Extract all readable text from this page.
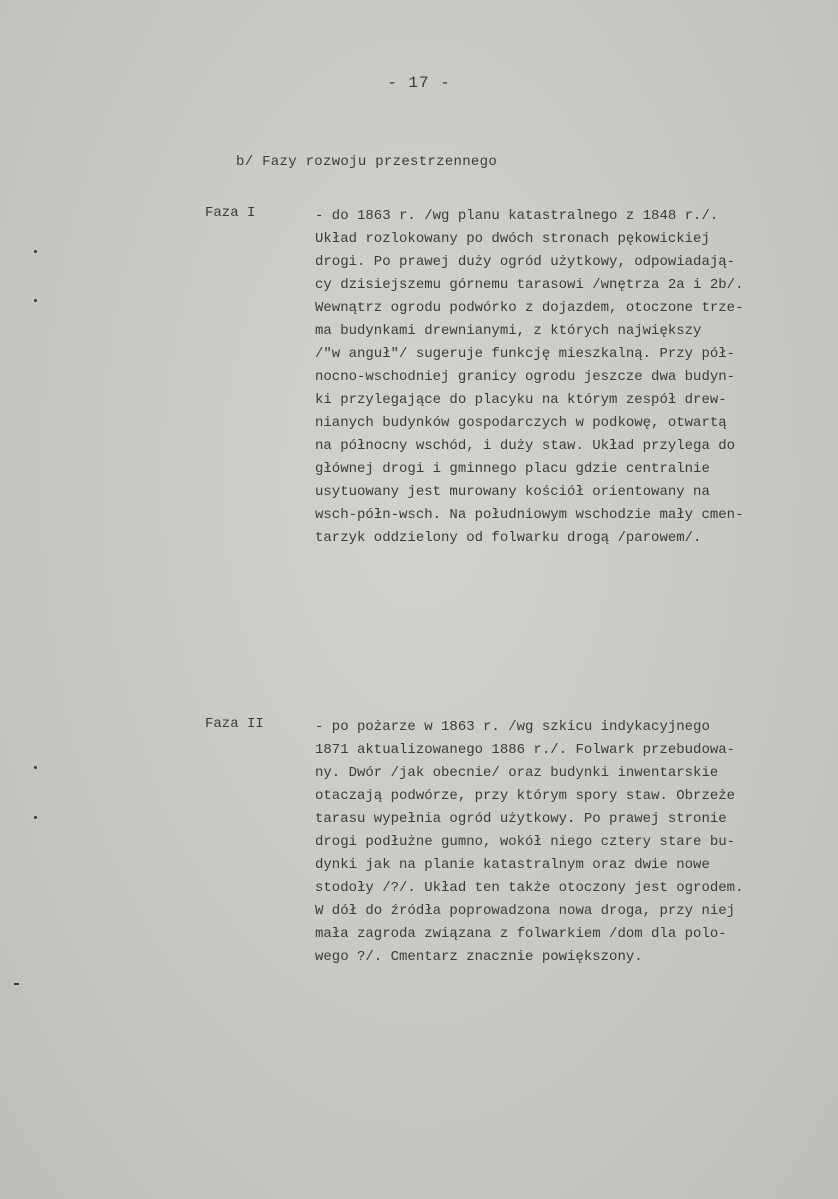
- 17 -
b/ Fazy rozwoju przestrzennego
Faza I	- do 1863 r. /wg planu katastralnego z 1848 r./.
Układ rozlokowany po dwóch stronach pękowickiej
drogi. Po prawej duży ogród użytkowy, odpowiadają-
cy dzisiejszemu górnemu tarasowi /wnętrza 2a i 2b/.
Wewnątrz ogrodu podwórko z dojazdem, otoczone trze-
ma budynkami drewnianymi, z których największy
/"w anguł"/ sugeruje funkcję mieszkalną. Przy pół-
nocno-wschodniej granicy ogrodu jeszcze dwa budyn-
ki przylegające do placyku na którym zespół drew-
nianych budynków gospodarczych w podkowę, otwartą
na północny wschód, i duży staw. Układ przylega do
głównej drogi i gminnego placu gdzie centralnie
usytuowany jest murowany kościół orientowany na
wsch-półn-wsch. Na południowym wschodzie mały cmen-
tarzyk oddzielony od folwarku drogą /parowem/.
Faza II	- po pożarze w 1863 r. /wg szkicu indykacyjnego
1871 aktualizowanego 1886 r./. Folwark przebudowa-
ny. Dwór /jak obecnie/ oraz budynki inwentarskie
otaczają podwórze, przy którym spory staw. Obrzeże
tarasu wypełnia ogród użytkowy. Po prawej stronie
drogi podłużne gumno, wokół niego cztery stare bu-
dynki jak na planie katastralnym oraz dwie nowe
stodoły /?/. Układ ten także otoczony jest ogrodem.
W dół do źródła poprowadzona nowa droga, przy niej
mała zagroda związana z folwarkiem /dom dla polo-
wego ?/. Cmentarz znacznie powiększony.
